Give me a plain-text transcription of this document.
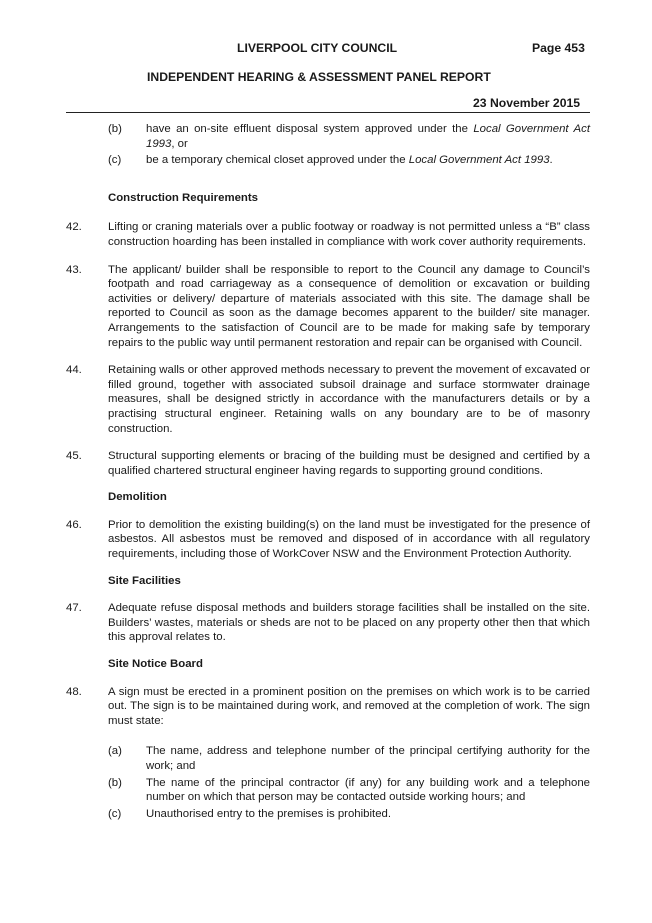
LIVERPOOL CITY COUNCIL	Page 453
INDEPENDENT HEARING & ASSESSMENT PANEL REPORT
23 November 2015
(b)	have an on-site effluent disposal system approved under the Local Government Act 1993, or
(c)	be a temporary chemical closet approved under the Local Government Act 1993.
Construction Requirements
42.	Lifting or craning materials over a public footway or roadway is not permitted unless a “B” class construction hoarding has been installed in compliance with work cover authority requirements.
43.	The applicant/ builder shall be responsible to report to the Council any damage to Council’s footpath and road carriageway as a consequence of demolition or excavation or building activities or delivery/ departure of materials associated with this site. The damage shall be reported to Council as soon as the damage becomes apparent to the builder/ site manager. Arrangements to the satisfaction of Council are to be made for making safe by temporary repairs to the public way until permanent restoration and repair can be organised with Council.
44.	Retaining walls or other approved methods necessary to prevent the movement of excavated or filled ground, together with associated subsoil drainage and surface stormwater drainage measures, shall be designed strictly in accordance with the manufacturers details or by a practising structural engineer. Retaining walls on any boundary are to be of masonry construction.
45.	Structural supporting elements or bracing of the building must be designed and certified by a qualified chartered structural engineer having regards to supporting ground conditions.
Demolition
46.	Prior to demolition the existing building(s) on the land must be investigated for the presence of asbestos. All asbestos must be removed and disposed of in accordance with all regulatory requirements, including those of WorkCover NSW and the Environment Protection Authority.
Site Facilities
47.	Adequate refuse disposal methods and builders storage facilities shall be installed on the site. Builders’ wastes, materials or sheds are not to be placed on any property other then that which this approval relates to.
Site Notice Board
48.	A sign must be erected in a prominent position on the premises on which work is to be carried out. The sign is to be maintained during work, and removed at the completion of work. The sign must state:
(a)	The name, address and telephone number of the principal certifying authority for the work; and
(b)	The name of the principal contractor (if any) for any building work and a telephone number on which that person may be contacted outside working hours; and
(c)	Unauthorised entry to the premises is prohibited.
